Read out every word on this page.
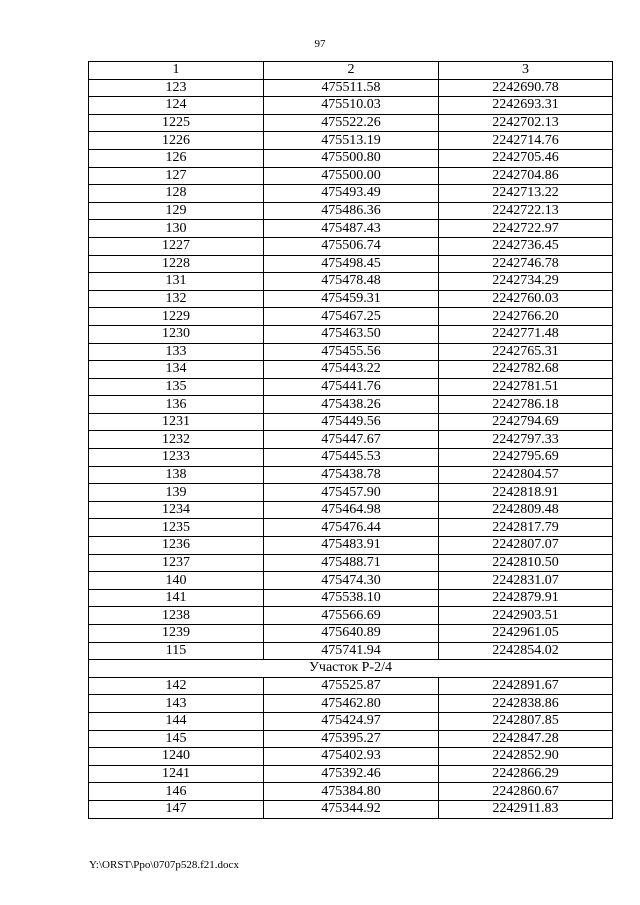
97
1	2	3
123	475511.58	2242690.78
124	475510.03	2242693.31
1225	475522.26	2242702.13
1226	475513.19	2242714.76
126	475500.80	2242705.46
127	475500.00	2242704.86
128	475493.49	2242713.22
129	475486.36	2242722.13
130	475487.43	2242722.97
1227	475506.74	2242736.45
1228	475498.45	2242746.78
131	475478.48	2242734.29
132	475459.31	2242760.03
1229	475467.25	2242766.20
1230	475463.50	2242771.48
133	475455.56	2242765.31
134	475443.22	2242782.68
135	475441.76	2242781.51
136	475438.26	2242786.18
1231	475449.56	2242794.69
1232	475447.67	2242797.33
1233	475445.53	2242795.69
138	475438.78	2242804.57
139	475457.90	2242818.91
1234	475464.98	2242809.48
1235	475476.44	2242817.79
1236	475483.91	2242807.07
1237	475488.71	2242810.50
140	475474.30	2242831.07
141	475538.10	2242879.91
1238	475566.69	2242903.51
1239	475640.89	2242961.05
115	475741.94	2242854.02
Участок Р-2/4		
142	475525.87	2242891.67
143	475462.80	2242838.86
144	475424.97	2242807.85
145	475395.27	2242847.28
1240	475402.93	2242852.90
1241	475392.46	2242866.29
146	475384.80	2242860.67
147	475344.92	2242911.83
Y:\ORST\Ppo\0707p528.f21.docx
